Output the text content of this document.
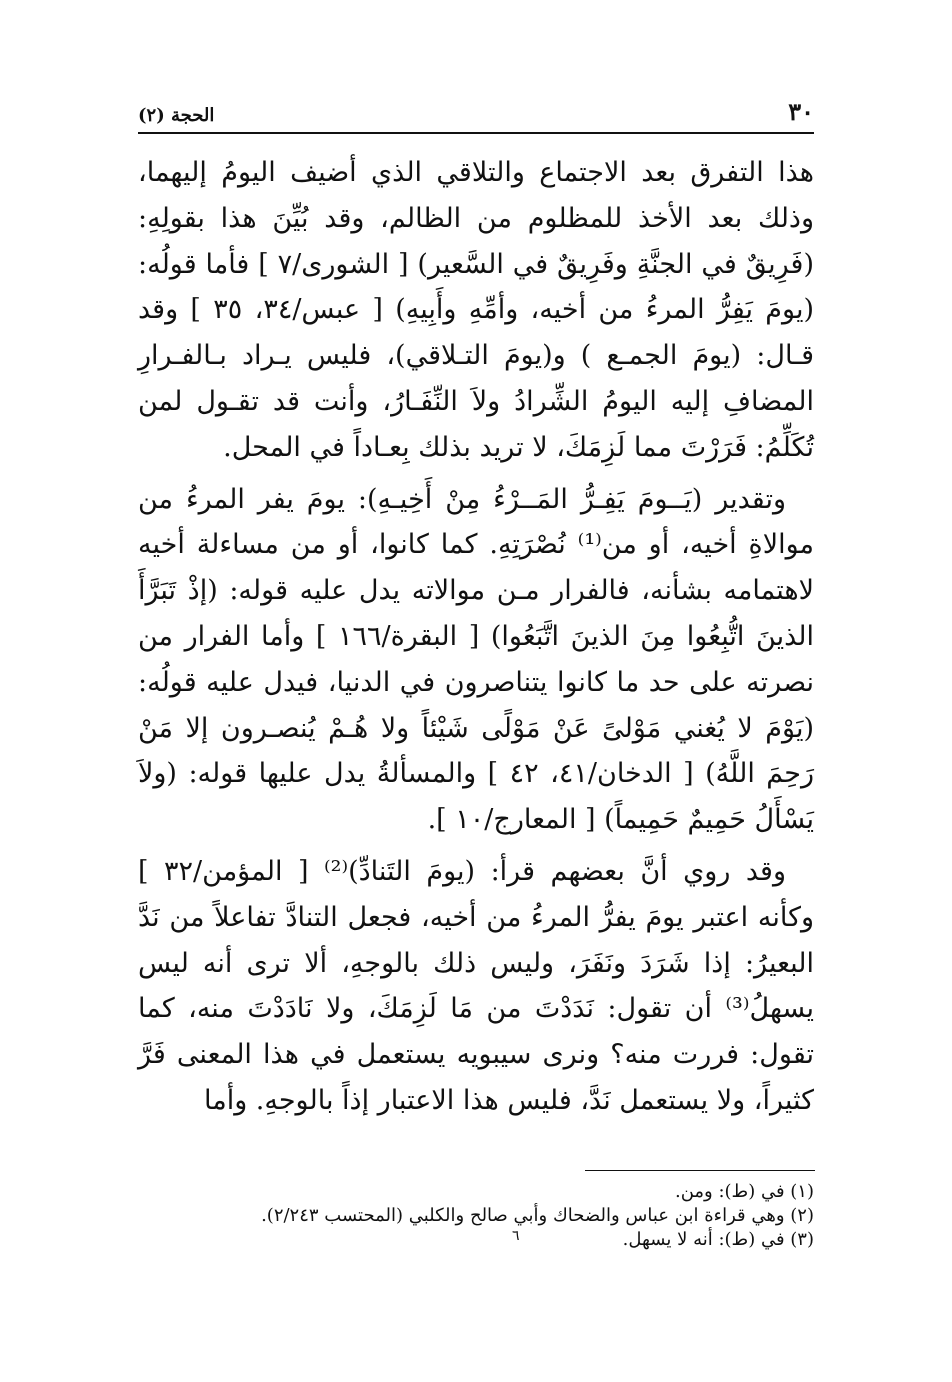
٣٠
الحجة (٢)

هذا التفرق بعد الاجتماع والتلاقي الذي أضيف اليومُ إليهما، وذلك بعد الأخذ للمظلوم من الظالم، وقد بُيِّنَ هذا بقولِهِ: (فَرِيقٌ في الجنَّةِ وفَرِيقٌ في السَّعير) [ الشورى/٧ ] فأما قولُه: (يومَ يَفِرُّ المرءُ من أخيه، وأمِّهِ وأَبِيهِ) [ عبس/٣٤، ٣٥ ] وقد قـال: (يومَ الجمـع ) و(يومَ التـلاقي)، فليس يـراد بـالفـرارِ المضافِ إليه اليومُ الشِّرادُ ولاَ النِّفَـارُ، وأنت قد تقـول لمن تُكَلِّمُ: فَرَرْتَ مما لَزِمَكَ، لا تريد بذلك بِعـاداً في المحل.

وتقدير (يَــومَ يَفِـرُّ المَــرْءُ مِنْ أَخِيـهِ): يومَ يفر المرءُ من موالاةِ أخيه، أو من⁽¹⁾ نُصْرَتِهِ. كما كانوا، أو من مساءلة أخيه لاهتمامه بشأنه، فالفرار مـن موالاته يدل عليه قوله: (إذْ تَبَرَّأَ الذينَ اتُّبِعُوا مِنَ الذينَ اتَّبَعُوا) [ البقرة/١٦٦ ] وأما الفرار من نصرته على حد ما كانوا يتناصرون في الدنيا، فيدل عليه قولُه: (يَوْمَ لا يُغني مَوْلىً عَنْ مَوْلًى شَيْئاً ولا هُـمْ يُنصـرون إلا مَنْ رَحِمَ اللَّهُ) [ الدخان/٤١، ٤٢ ] والمسألةُ يدل عليها قوله: (ولاَ يَسْأَلُ حَمِيمٌ حَمِيماً) [ المعارج/١٠ ].

وقد روي أنَّ بعضهم قرأ: (يومَ التَنادِّ)⁽²⁾ [ المؤمن/٣٢ ] وكأنه اعتبر يومَ يفرُّ المرءُ من أخيه، فجعل التنادَّ تفاعلاً من نَدَّ البعيرُ: إذا شَرَدَ ونَفَرَ، وليس ذلك بالوجهِ، ألا ترى أنه ليس يسهلُ⁽³⁾ أن تقول: نَدَدْتَ من مَا لَزِمَكَ، ولا نَادَدْتَ منه، كما تقول: فررت منه؟ ونرى سيبويه يستعمل في هذا المعنى فَرَّ كثيراً، ولا يستعمل نَدَّ، فليس هذا الاعتبار إذاً بالوجهِ. وأما

(١) في (ط): ومن.
(٢) وهي قراءة ابن عباس والضحاك وأبي صالح والكلبي (المحتسب ٢/٢٤٣).
(٣) في (ط): أنه لا يسهل.
٦
